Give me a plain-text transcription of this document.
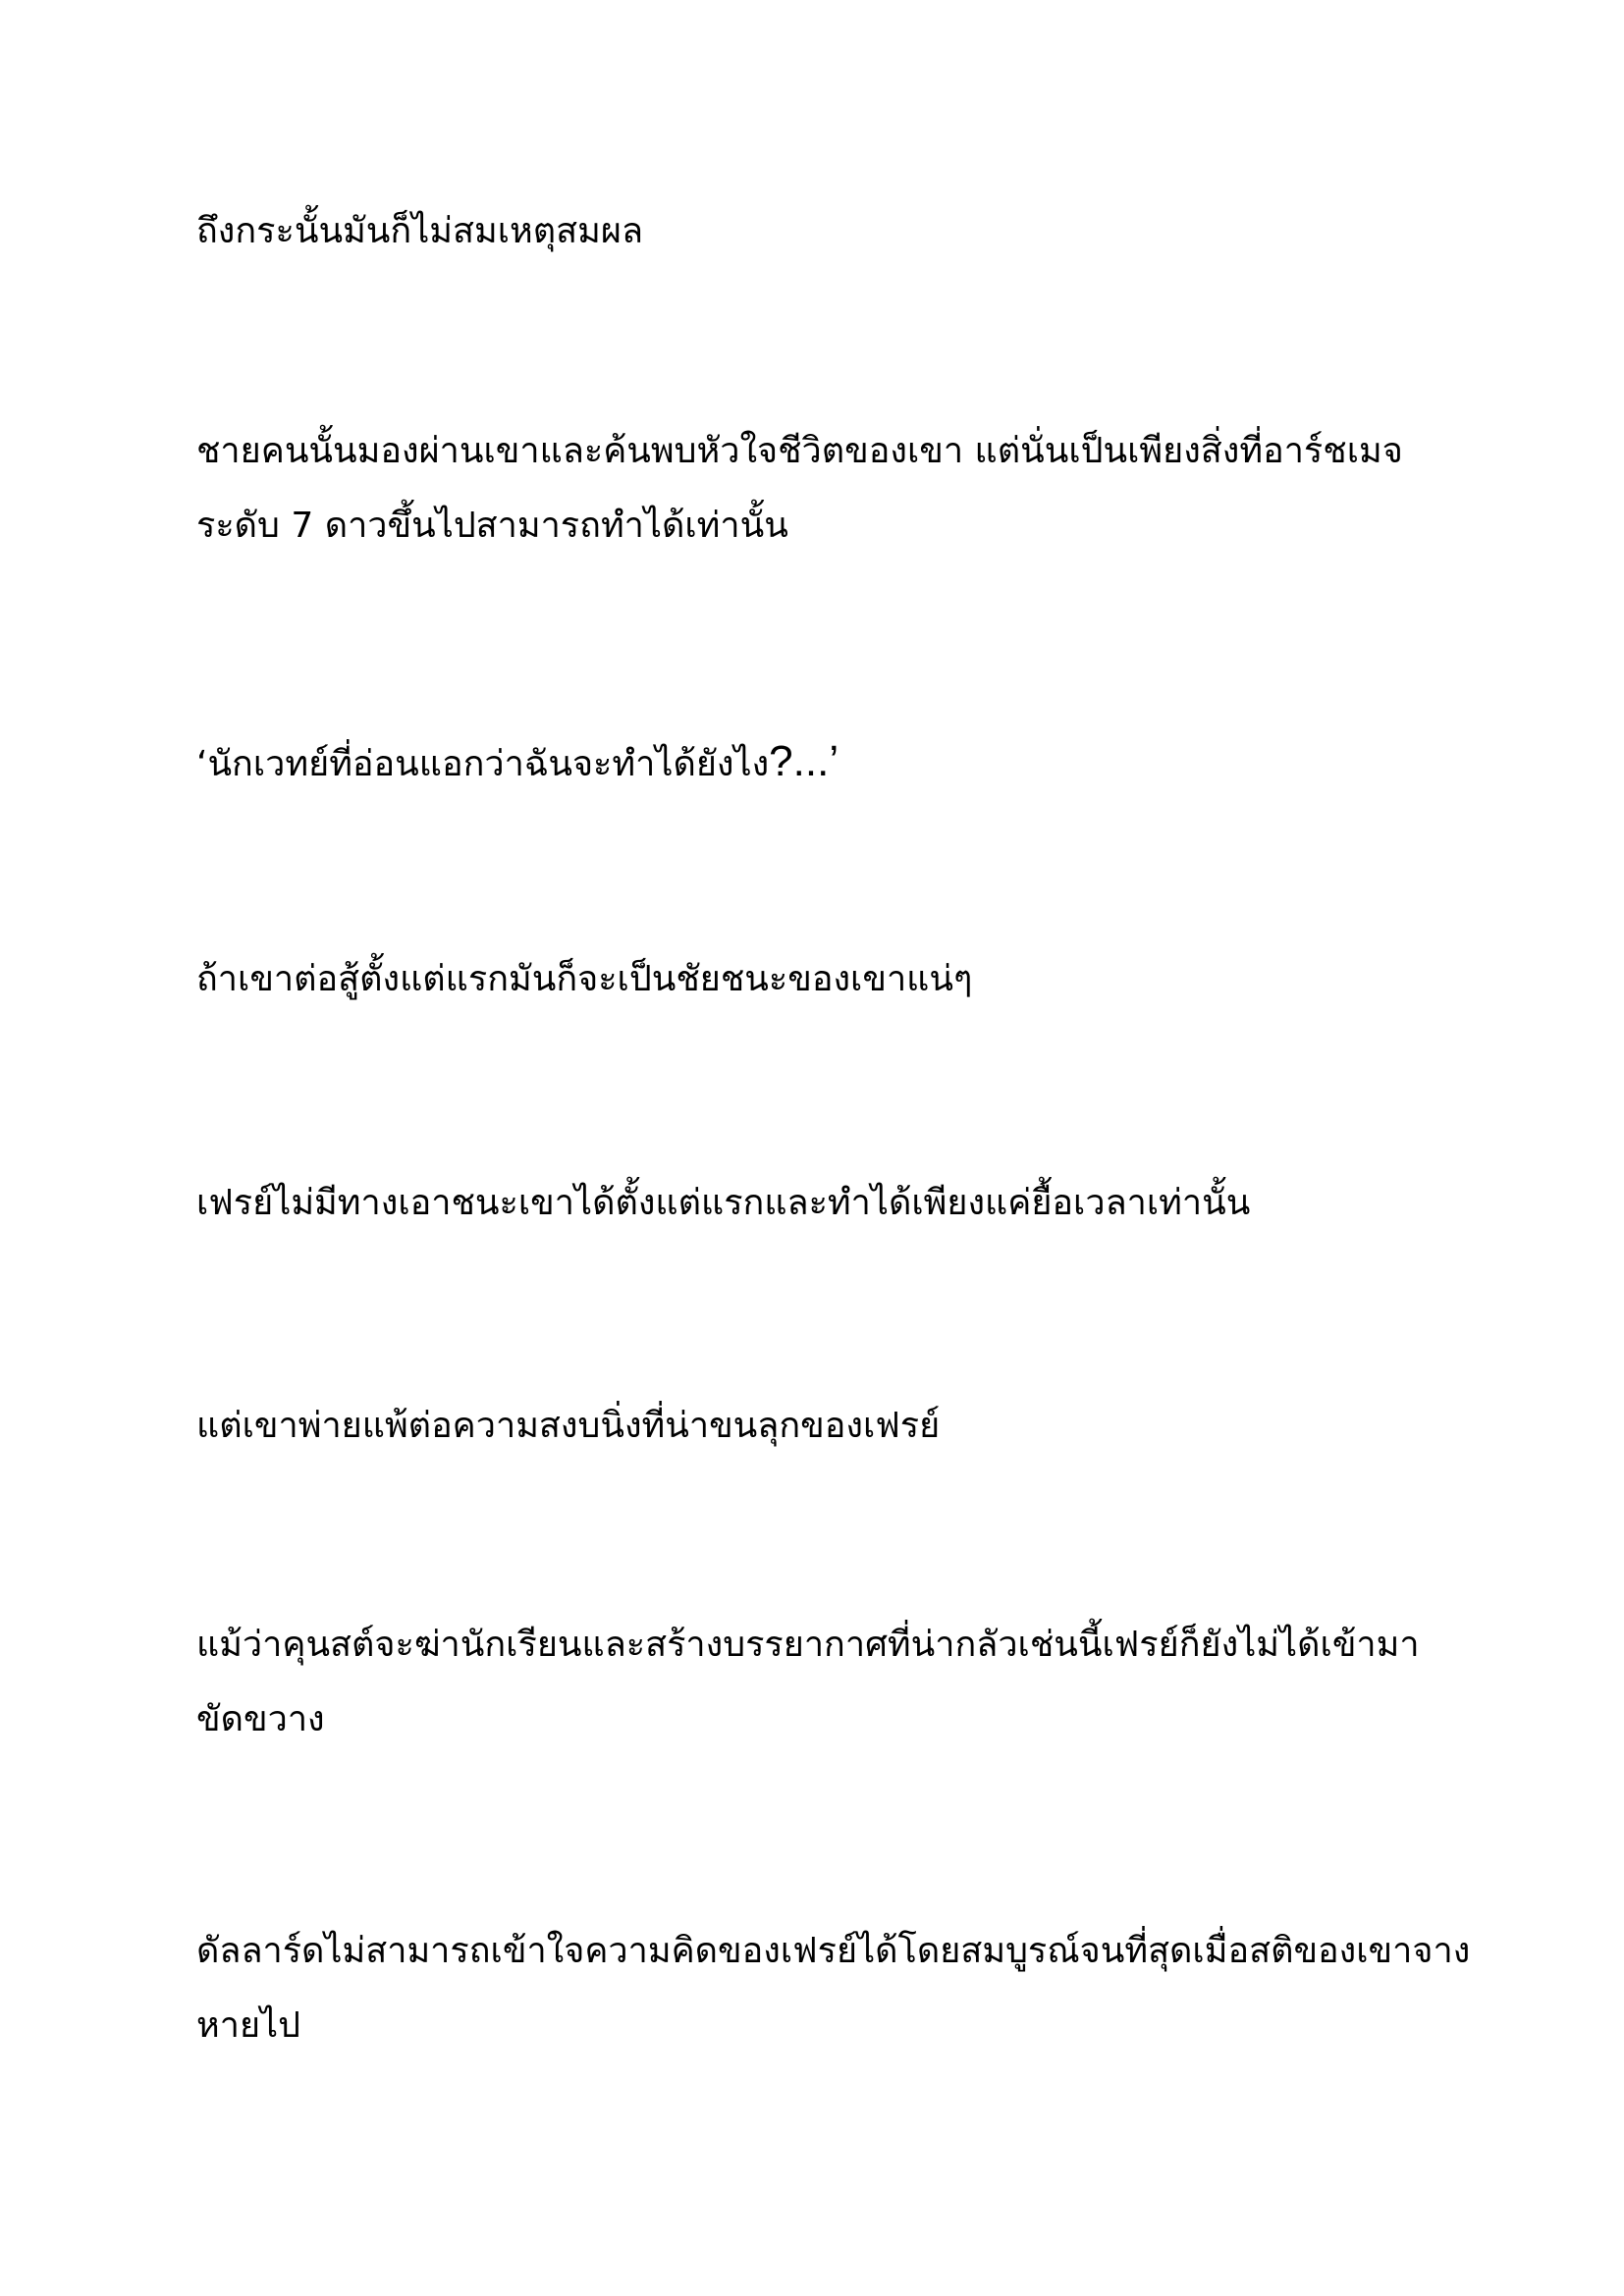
ถึงกระนั้นมันก็ไม่สมเหตุสมผล

ชายคนนั้นมองผ่านเขาและค้นพบหัวใจชีวิตของเขา แต่นั่นเป็นเพียงสิ่งที่อาร์ชเมจ
ระดับ 7 ดาวขึ้นไปสามารถทำได้เท่านั้น

‘นักเวทย์ที่อ่อนแอกว่าฉันจะทำได้ยังไง?...’

ถ้าเขาต่อสู้ตั้งแต่แรกมันก็จะเป็นชัยชนะของเขาแน่ๆ

เฟรย์ไม่มีทางเอาชนะเขาได้ตั้งแต่แรกและทำได้เพียงแค่ยื้อเวลาเท่านั้น

แต่เขาพ่ายแพ้ต่อความสงบนิ่งที่น่าขนลุกของเฟรย์

แม้ว่าคุนสต์จะฆ่านักเรียนและสร้างบรรยากาศที่น่ากลัวเช่นนี้เฟรย์ก็ยังไม่ได้เข้ามา
ขัดขวาง

ดัลลาร์ดไม่สามารถเข้าใจความคิดของเฟรย์ได้โดยสมบูรณ์จนที่สุดเมื่อสติของเขาจาง
หายไป
